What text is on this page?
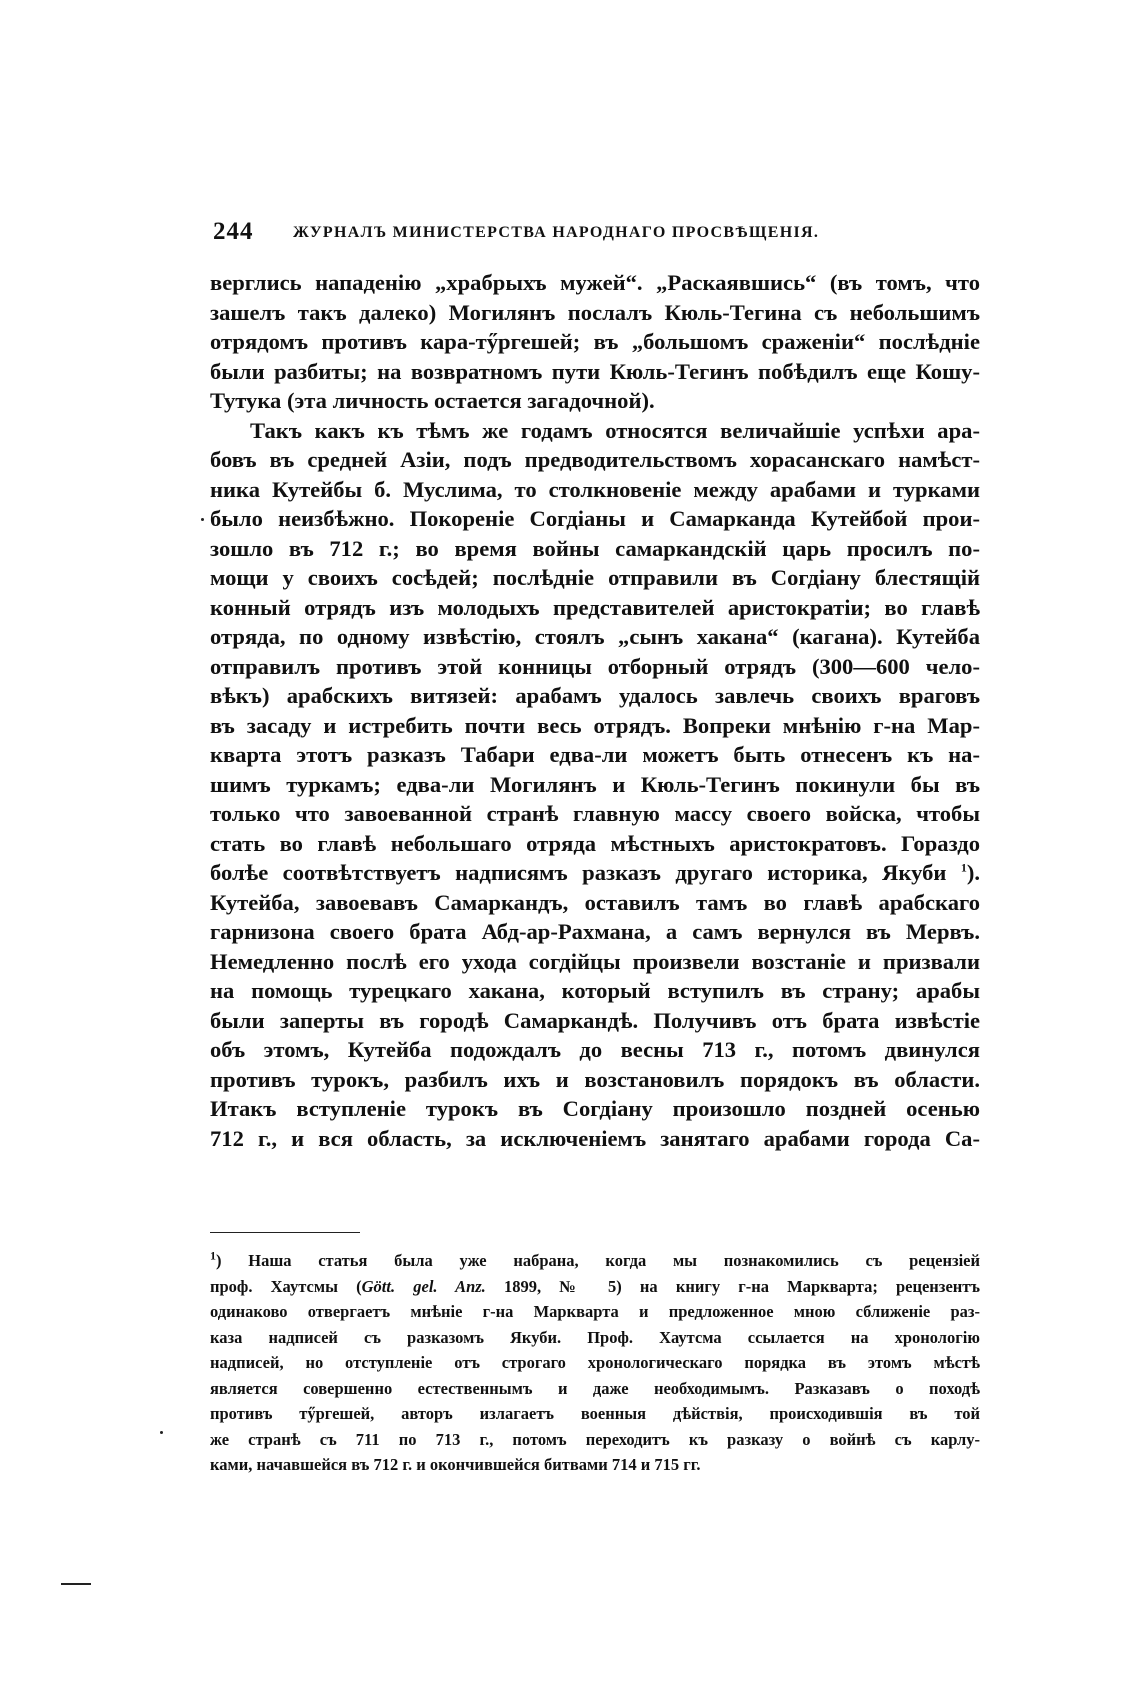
244 ЖУРНАЛЪ МИНИСТЕРСТВА НАРОДНАГО ПРОСВѢЩЕНІЯ.
верглись нападенію „храбрыхъ мужей“. „Раскаявшись“ (въ томъ, что
зашелъ такъ далеко) Могилянъ послалъ Кюль-Тегина съ небольшимъ
отрядомъ противъ кара-тӳргешей; въ „большомъ сраженіи“ послѣдніе
были разбиты; на возвратномъ пути Кюль-Тегинъ побѣдилъ еще Кошу-
Тутука (эта личность остается загадочной).
Такъ какъ къ тѣмъ же годамъ относятся величайшіе успѣхи ара-
бовъ въ средней Азіи, подъ предводительствомъ хорасанскаго намѣст-
ника Кутейбы б. Муслима, то столкновеніе между арабами и турками
было неизбѣжно. Покореніе Согдіаны и Самарканда Кутейбой прои-
зошло въ 712 г.; во время войны самаркандскій царь просилъ по-
мощи у своихъ сосѣдей; послѣдніе отправили въ Согдіану блестящій
конный отрядъ изъ молодыхъ представителей аристократіи; во главѣ
отряда, по одному извѣстію, стоялъ „сынъ хакана“ (кагана). Кутейба
отправилъ противъ этой конницы отборный отрядъ (300—600 чело-
вѣкъ) арабскихъ витязей: арабамъ удалось завлечь своихъ враговъ
въ засаду и истребить почти весь отрядъ. Вопреки мнѣнію г-на Мар-
кварта этотъ разказъ Табари едва-ли можетъ быть отнесенъ къ на-
шимъ туркамъ; едва-ли Могилянъ и Кюль-Тегинъ покинули бы въ
только что завоеванной странѣ главную массу своего войска, чтобы
стать во главѣ небольшаго отряда мѣстныхъ аристократовъ. Гораздо
болѣе соотвѣтствуетъ надписямъ разказъ другаго историка, Якуби $^1$).
Кутейба, завоевавъ Самаркандъ, оставилъ тамъ во главѣ арабскаго
гарнизона своего брата Абд-ар-Рахмана, а самъ вернулся въ Мервъ.
Немедленно послѣ его ухода согдійцы произвели возстаніе и призвали
на помощь турецкаго хакана, который вступилъ въ страну; арабы
были заперты въ городѣ Самаркандѣ. Получивъ отъ брата извѣстіе
объ этомъ, Кутейба подождалъ до весны 713 г., потомъ двинулся
противъ турокъ, разбилъ ихъ и возстановилъ порядокъ въ области.
Итакъ вступленіе турокъ въ Согдіану произошло поздней осенью
712 г., и вся область, за исключеніемъ занятаго арабами города Са-
$^1$) Наша статья была уже набрана, когда мы познакомились съ рецензіей
проф. Хаутсмы (Gött. gel. Anz. 1899, № 5) на книгу г-на Маркварта; рецензентъ
одинаково отвергаетъ мнѣніе г-на Маркварта и предложенное мною сближеніе раз-
каза надписей съ разказомъ Якуби. Проф. Хаутсма ссылается на хронологію
надписей, но отступленіе отъ строгаго хронологическаго порядка въ этомъ мѣстѣ
является совершенно естественнымъ и даже необходимымъ. Разказавъ о походѣ
противъ тӳргешей, авторъ излагаетъ военныя дѣйствія, происходившія въ той
же странѣ съ 711 по 713 г., потомъ переходитъ къ разказу о войнѣ съ карлу-
ками, начавшейся въ 712 г. и окончившейся битвами 714 и 715 гг.
